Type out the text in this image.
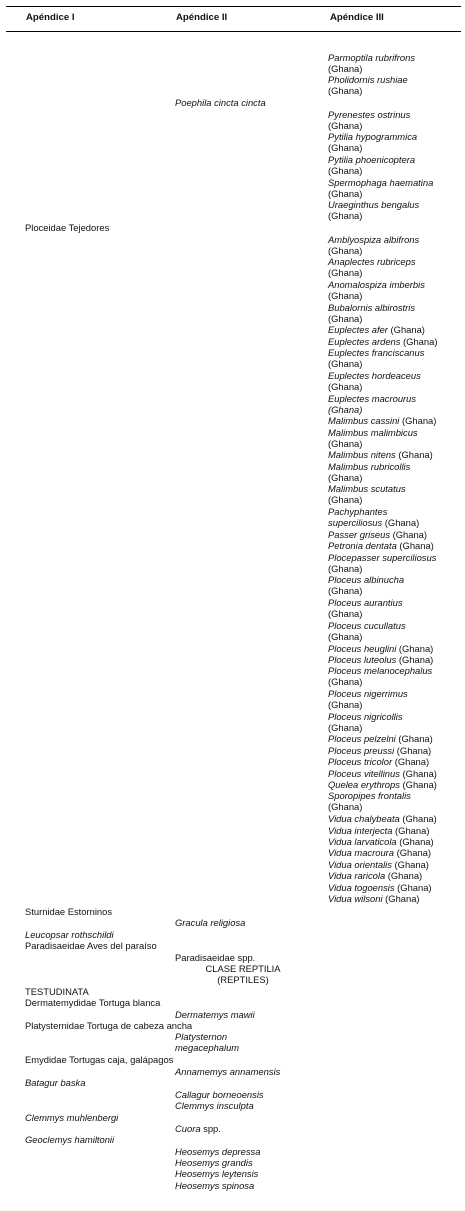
Apéndice I	Apéndice II	Apéndice III
Parmoptila rubrifrons
(Ghana)
Pholidornis rushiae
(Ghana)
Poephila cincta cincta
Pyrenestes ostrinus
(Ghana)
Pytilia hypogrammica
(Ghana)
Pytilia phoenicoptera
(Ghana)
Spermophaga haematina
(Ghana)
Uraeginthus bengalus
(Ghana)
Ploceidae Tejedores
Amblyospiza albifrons
(Ghana)
Anaplectes rubriceps
(Ghana)
Anomalospiza imberbis
(Ghana)
Bubalornis albirostris
(Ghana)
Euplectes afer (Ghana)
Euplectes ardens (Ghana)
Euplectes franciscanus
(Ghana)
Euplectes hordeaceus
(Ghana)
Euplectes macrourus
(Ghana)
Malimbus cassini (Ghana)
Malimbus malimbicus
(Ghana)
Malimbus nitens (Ghana)
Malimbus rubricollis
(Ghana)
Malimbus scutatus
(Ghana)
Pachyphantes
superciliosus (Ghana)
Passer griseus (Ghana)
Petronia dentata (Ghana)
Plocepasser superciliosus
(Ghana)
Ploceus albinucha
(Ghana)
Ploceus aurantius
(Ghana)
Ploceus cucullatus
(Ghana)
Ploceus heuglini (Ghana)
Ploceus luteolus (Ghana)
Ploceus melanocephalus
(Ghana)
Ploceus nigerrimus
(Ghana)
Ploceus nigricollis
(Ghana)
Ploceus pelzelni (Ghana)
Ploceus preussi (Ghana)
Ploceus tricolor (Ghana)
Ploceus vitellinus (Ghana)
Quelea erythrops (Ghana)
Sporopipes frontalis
(Ghana)
Vidua chalybeata (Ghana)
Vidua interjecta (Ghana)
Vidua larvaticola (Ghana)
Vidua macroura (Ghana)
Vidua orientalis (Ghana)
Vidua raricola (Ghana)
Vidua togoensis (Ghana)
Vidua wilsoni (Ghana)
Sturnidae Estorninos
Gracula religiosa
Leucopsar rothschildi
Paradisaeidae Aves del paraíso
Paradisaeidae spp.
CLASE REPTILIA
(REPTILES)
TESTUDINATA
Dermatemydidae Tortuga blanca
Dermatemys mawii
Platysternidae Tortuga de cabeza ancha
Platysternon
megacephalum
Emydidae Tortugas caja, galápagos
Annamemys annamensis
Batagur baska
Callagur borneoensis
Clemmys insculpta
Clemmys muhlenbergi
Cuora spp.
Geoclemys hamiltonii
Heosemys depressa
Heosemys grandis
Heosemys leytensis
Heosemys spinosa
